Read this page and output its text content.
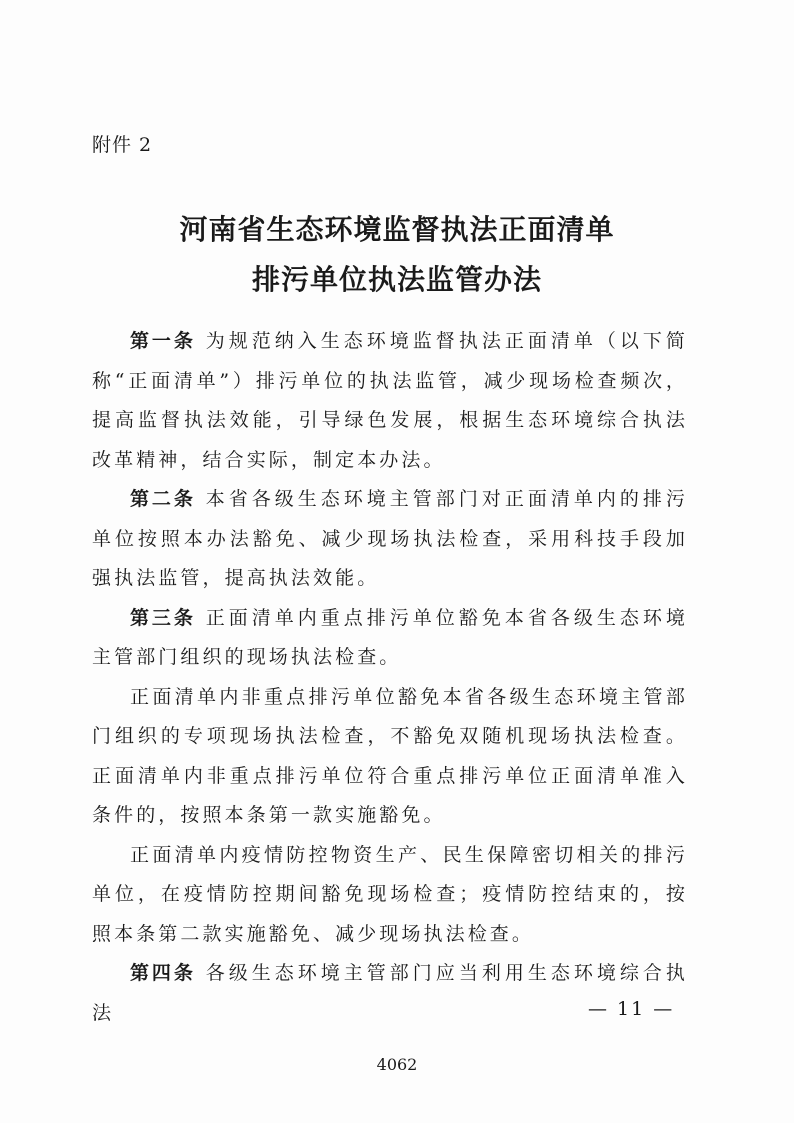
附件 2
河南省生态环境监督执法正面清单
排污单位执法监管办法

第一条 为规范纳入生态环境监督执法正面清单（以下简称“正面清单”）排污单位的执法监管，减少现场检查频次，提高监督执法效能，引导绿色发展，根据生态环境综合执法改革精神，结合实际，制定本办法。

第二条 本省各级生态环境主管部门对正面清单内的排污单位按照本办法豁免、减少现场执法检查，采用科技手段加强执法监管，提高执法效能。

第三条 正面清单内重点排污单位豁免本省各级生态环境主管部门组织的现场执法检查。

正面清单内非重点排污单位豁免本省各级生态环境主管部门组织的专项现场执法检查，不豁免双随机现场执法检查。正面清单内非重点排污单位符合重点排污单位正面清单准入条件的，按照本条第一款实施豁免。

正面清单内疫情防控物资生产、民生保障密切相关的排污单位，在疫情防控期间豁免现场检查；疫情防控结束的，按照本条第二款实施豁免、减少现场执法检查。

第四条 各级生态环境主管部门应当利用生态环境综合执法	— 11 —
4062
